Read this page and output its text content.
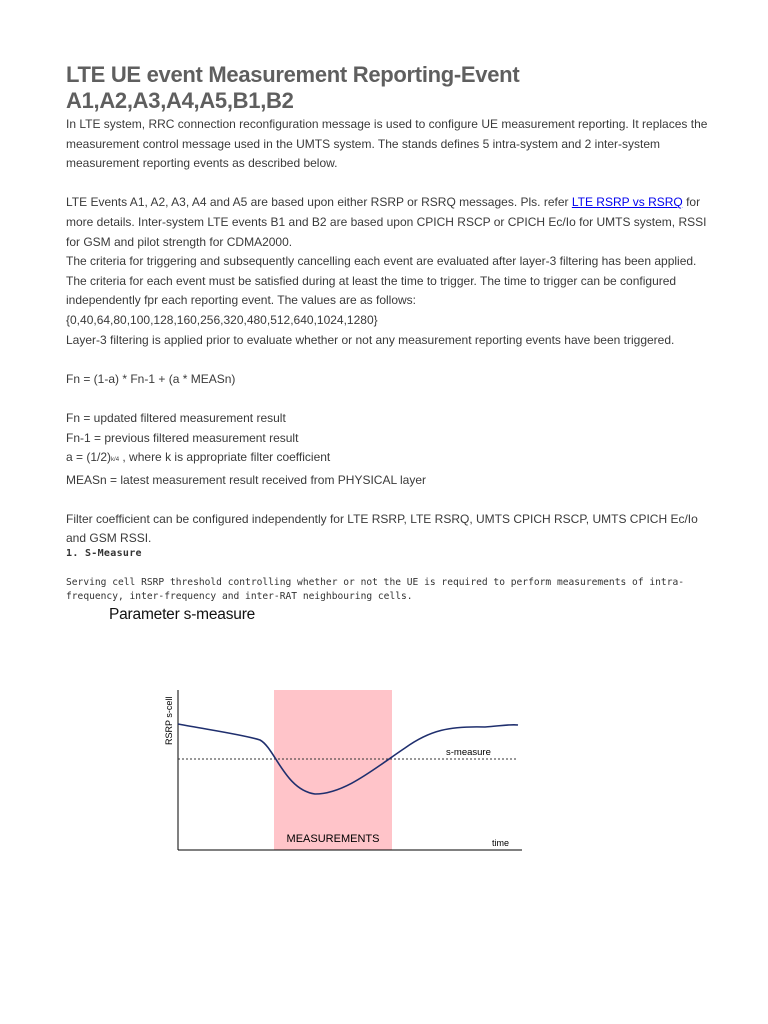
LTE UE event Measurement Reporting-Event A1,A2,A3,A4,A5,B1,B2

In LTE system, RRC connection reconfiguration message is used to configure UE measurement reporting. It replaces the measurement control message used in the UMTS system. The stands defines 5 intra-system and 2 inter-system measurement reporting events as described below.

LTE Events A1, A2, A3, A4 and A5 are based upon either RSRP or RSRQ messages. Pls. refer LTE RSRP vs RSRQ for more details. Inter-system LTE events B1 and B2 are based upon CPICH RSCP or CPICH Ec/Io for UMTS system, RSSI for GSM and pilot strength for CDMA2000.

The criteria for triggering and subsequently cancelling each event are evaluated after layer-3 filtering has been applied. The criteria for each event must be satisfied during at least the time to trigger. The time to trigger can be configured independently fpr each reporting event. The values are as follows:

{0,40,64,80,100,128,160,256,320,480,512,640,1024,1280}

Layer-3 filtering is applied prior to evaluate whether or not any measurement reporting events have been triggered.

Fn = (1-a) * Fn-1 + (a * MEASn)

Fn = updated filtered measurement result

Fn-1 = previous filtered measurement result

a = (1/2)k/4 , where k is appropriate filter coefficient

MEASn = latest measurement result received from PHYSICAL layer

Filter coefficient can be configured independently for LTE RSRP, LTE RSRQ, UMTS CPICH RSCP, UMTS CPICH Ec/Io and GSM RSSI.

1. S-Measure
Serving cell RSRP threshold controlling whether or not the UE is required to perform measurements of intra-frequency, inter-frequency and inter-RAT neighbouring cells.
Parameter s-measure
RSRP s-cell
time
s-measure
MEASUREMENTS
